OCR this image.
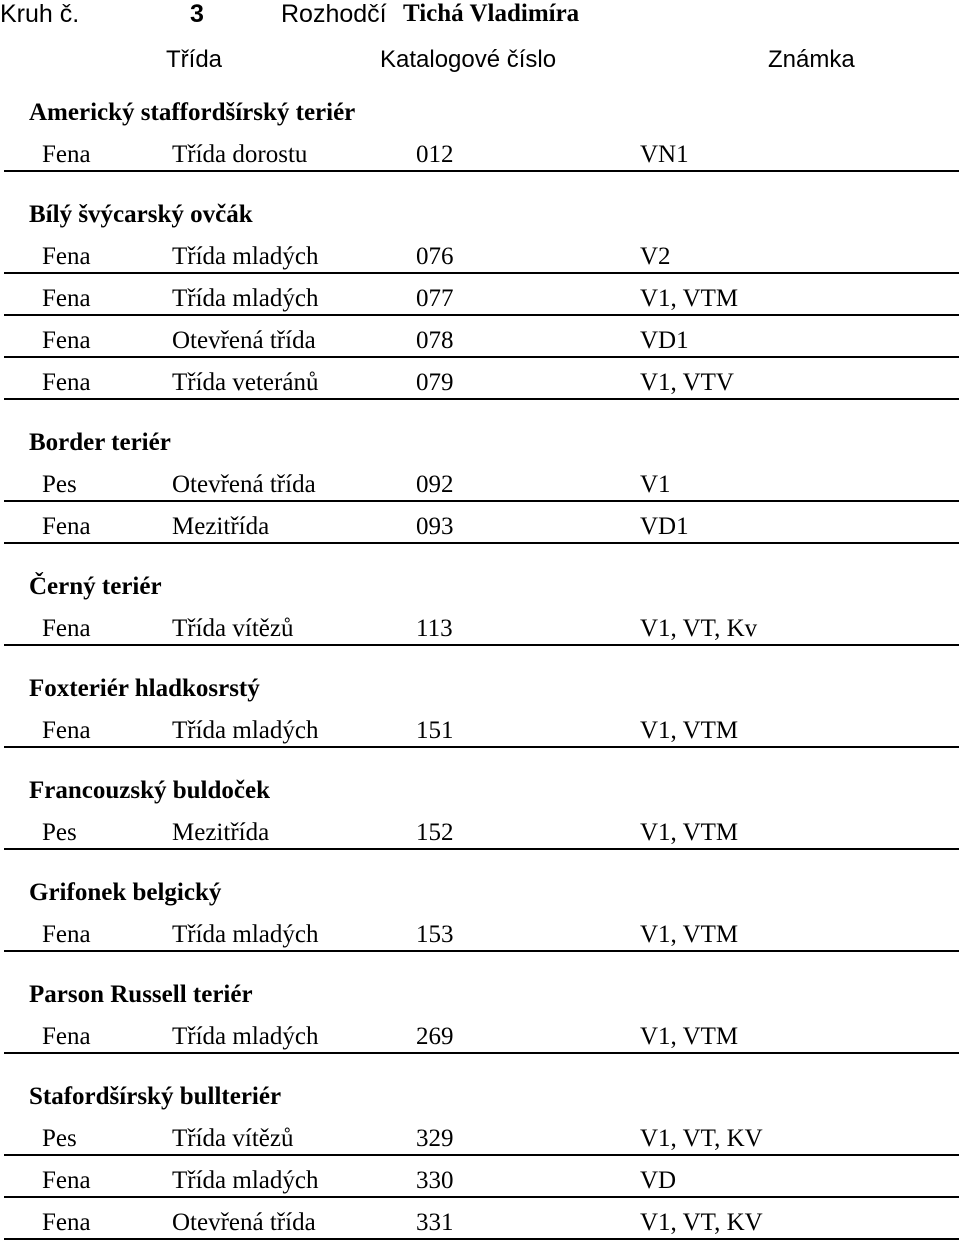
Kruh č.	3	Rozhodčí Tichá Vladimíra
Třída	Katalogové číslo	Známka
Americký staffordšírský teriér
Fena	Třída dorostu	012	VN1
Bílý švýcarský ovčák
Fena	Třída mladých	076	V2
Fena	Třída mladých	077	V1, VTM
Fena	Otevřená třída	078	VD1
Fena	Třída veteránů	079	V1, VTV
Border teriér
Pes	Otevřená třída	092	V1
Fena	Mezitřída	093	VD1
Černý teriér
Fena	Třída vítězů	113	V1, VT, Kv
Foxteriér hladkosrstý
Fena	Třída mladých	151	V1, VTM
Francouzský buldoček
Pes	Mezitřída	152	V1, VTM
Grifonek belgický
Fena	Třída mladých	153	V1, VTM
Parson Russell teriér
Fena	Třída mladých	269	V1, VTM
Stafordšírský bullteriér
Pes	Třída vítězů	329	V1, VT, KV
Fena	Třída mladých	330	VD
Fena	Otevřená třída	331	V1, VT, KV
